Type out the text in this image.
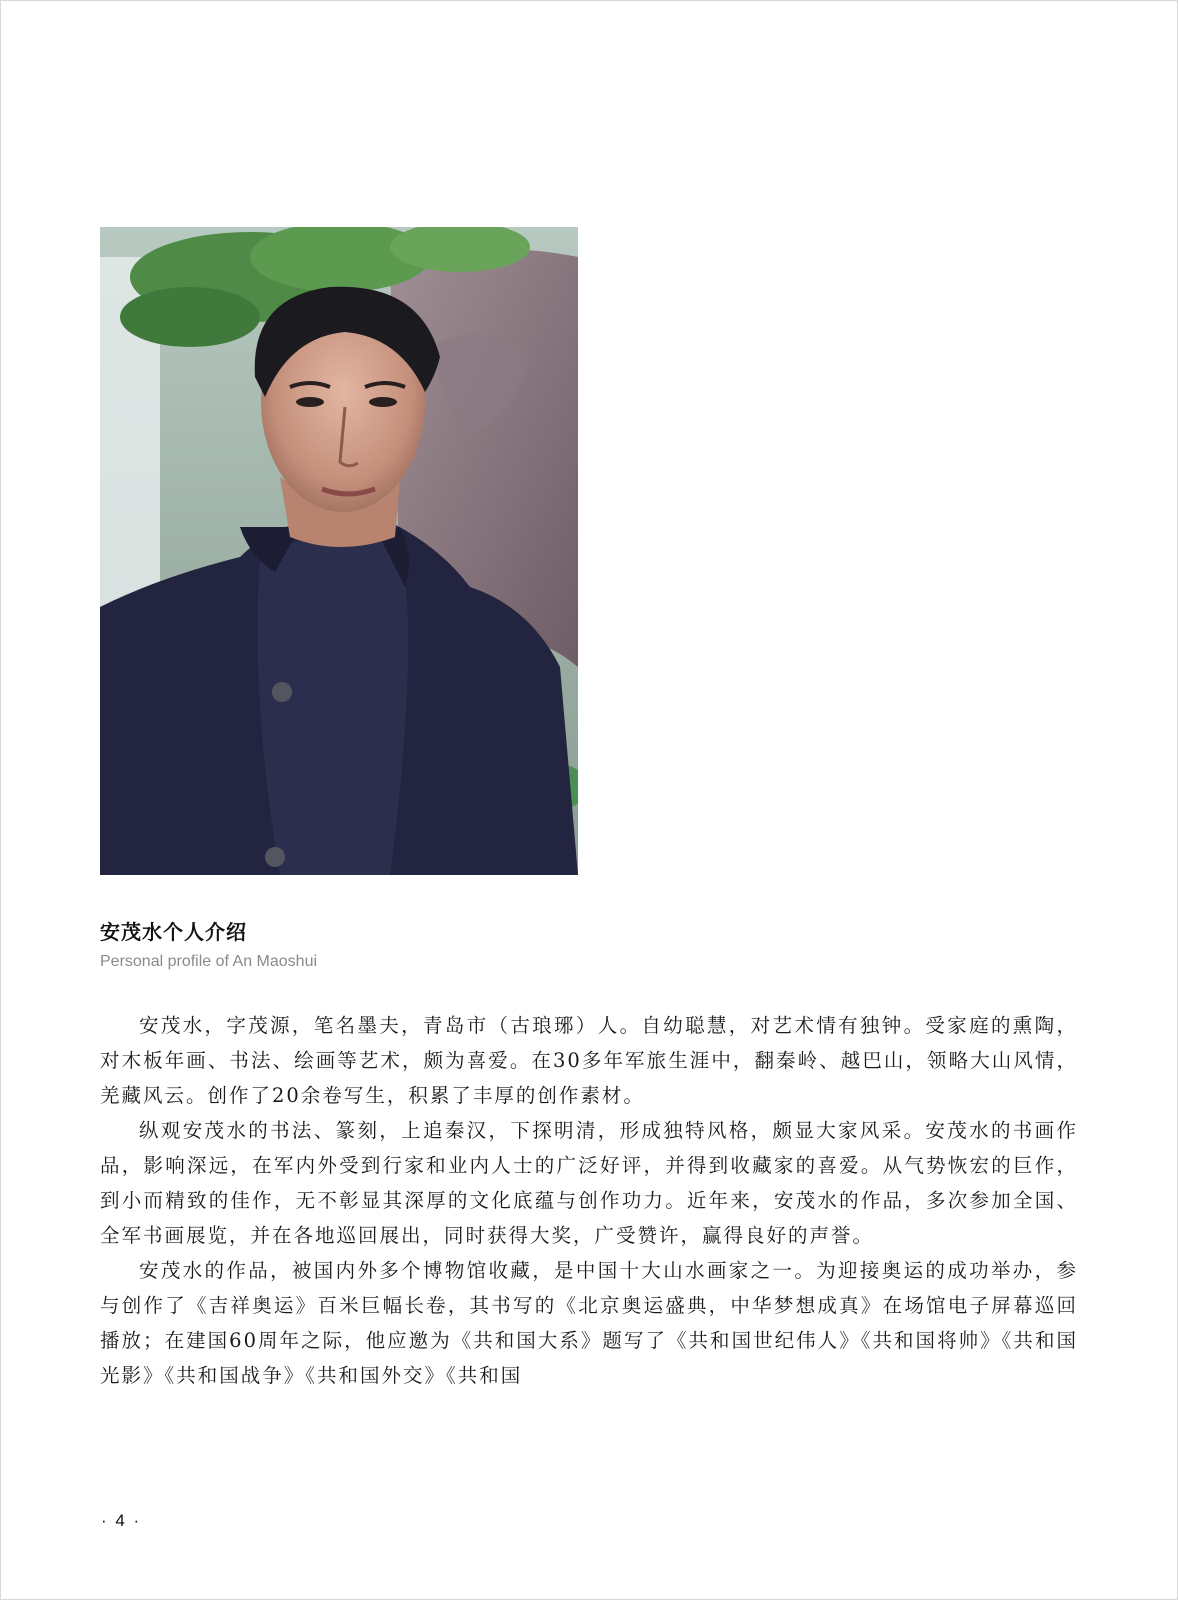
安茂水个人介绍
Personal profile of An Maoshui

安茂水，字茂源，笔名墨夫，青岛市（古琅琊）人。自幼聪慧，对艺术情有独钟。受家庭的熏陶，对木板年画、书法、绘画等艺术，颇为喜爱。在30多年军旅生涯中，翻秦岭、越巴山，领略大山风情，羌藏风云。创作了20余卷写生，积累了丰厚的创作素材。

纵观安茂水的书法、篆刻，上追秦汉，下探明清，形成独特风格，颇显大家风采。安茂水的书画作品，影响深远，在军内外受到行家和业内人士的广泛好评，并得到收藏家的喜爱。从气势恢宏的巨作，到小而精致的佳作，无不彰显其深厚的文化底蕴与创作功力。近年来，安茂水的作品，多次参加全国、全军书画展览，并在各地巡回展出，同时获得大奖，广受赞许，赢得良好的声誉。

安茂水的作品，被国内外多个博物馆收藏，是中国十大山水画家之一。为迎接奥运的成功举办，参与创作了《吉祥奥运》百米巨幅长卷，其书写的《北京奥运盛典，中华梦想成真》在场馆电子屏幕巡回播放；在建国60周年之际，他应邀为《共和国大系》题写了《共和国世纪伟人》《共和国将帅》《共和国光影》《共和国战争》《共和国外交》《共和国

· 4 ·
